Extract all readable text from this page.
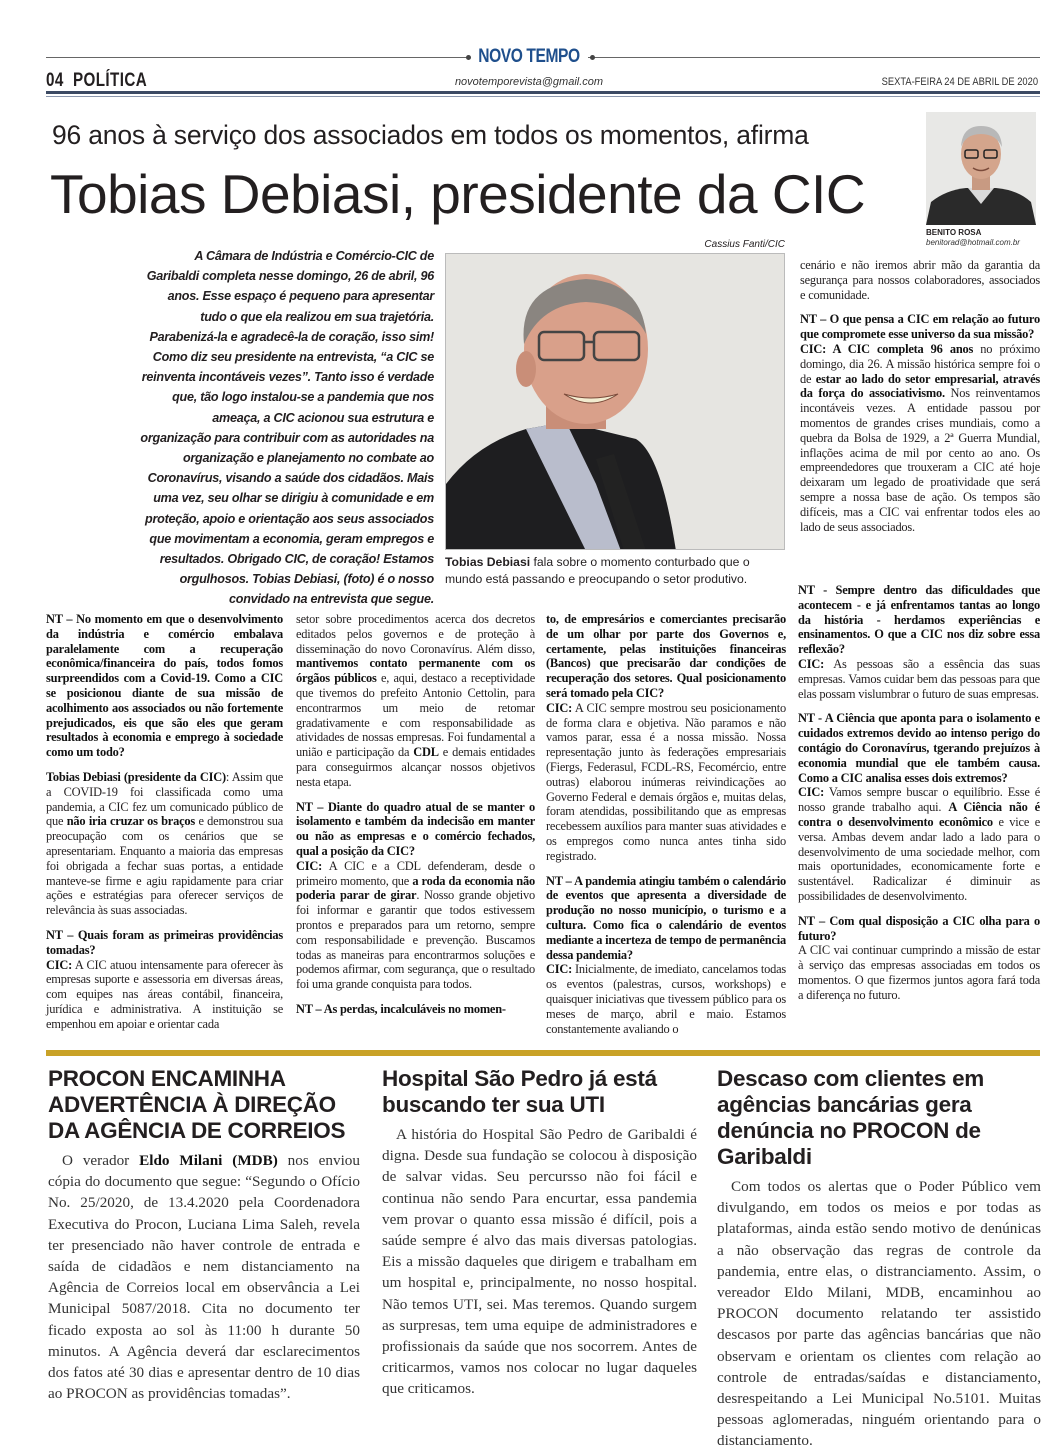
NOVO TEMPO
04 POLÍTICA	novotemporevista@gmail.com	SEXTA-FEIRA 24 DE ABRIL DE 2020
96 anos à serviço dos associados em todos os momentos, afirma
Tobias Debiasi, presidente da CIC
BENITO ROSA
benitorad@hotmail.com.br
A Câmara de Indústria e Comércio-CIC de Garibaldi completa nesse domingo, 26 de abril, 96 anos. Esse espaço é pequeno para apresentar tudo o que ela realizou em sua trajetória. Parabenizá-la e agradecê-la de coração, isso sim! Como diz seu presidente na entrevista, “a CIC se reinventa incontáveis vezes”. Tanto isso é verdade que, tão logo instalou-se a pandemia que nos ameaça, a CIC acionou sua estrutura e organização para contribuir com as autoridades na organização e planejamento no combate ao Coronavírus, visando a saúde dos cidadãos. Mais uma vez, seu olhar se dirigiu à comunidade e em proteção, apoio e orientação aos seus associados que movimentam a economia, geram empregos e resultados. Obrigado CIC, de coração! Estamos orgulhosos. Tobias Debiasi, (foto) é o nosso convidado na entrevista que segue.
Cassius Fanti/CIC
Tobias Debiasi fala sobre o momento conturbado que o mundo está passando e preocupando o setor produtivo.

cenário e não iremos abrir mão da garantia da segurança para nossos colaboradores, associados e comunidade.

NT – O que pensa a CIC em relação ao futuro que compromete esse universo da sua missão?
CIC: A CIC completa 96 anos no próximo domingo, dia 26. A missão histórica sempre foi o de estar ao lado do setor empresarial, através da força do associativismo. Nos reinventamos incontáveis vezes. A entidade passou por momentos de grandes crises mundiais, como a quebra da Bolsa de 1929, a 2ª Guerra Mundial, inflações acima de mil por cento ao ano. Os empreendedores que trouxeram a CIC até hoje deixaram um legado de proatividade que será sempre a nossa base de ação. Os tempos são difíceis, mas a CIC vai enfrentar todos eles ao lado de seus associados.

NT – No momento em que o desenvolvimento da indústria e comércio embalava paralelamente com a recuperação econômica/financeira do país, todos fomos surpreendidos com a Covid-19. Como a CIC se posicionou diante de sua missão de acolhimento aos associados ou não fortemente prejudicados, eis que são eles que geram resultados à economia e emprego à sociedade como um todo?

Tobias Debiasi (presidente da CIC): Assim que a COVID-19 foi classificada como uma pandemia, a CIC fez um comunicado público de que não iria cruzar os braços e demonstrou sua preocupação com os cenários que se apresentariam. Enquanto a maioria das empresas foi obrigada a fechar suas portas, a entidade manteve-se firme e agiu rapidamente para criar ações e estratégias para oferecer serviços de relevância às suas associadas.

NT – Quais foram as primeiras providências tomadas?
CIC: A CIC atuou intensamente para oferecer às empresas suporte e assessoria em diversas áreas, com equipes nas áreas contábil, financeira, jurídica e administrativa. A instituição se empenhou em apoiar e orientar cada

setor sobre procedimentos acerca dos decretos editados pelos governos e de proteção à disseminação do novo Coronavírus. Além disso, mantivemos contato permanente com os órgãos públicos e, aqui, destaco a receptividade que tivemos do prefeito Antonio Cettolin, para encontrarmos um meio de retomar gradativamente e com responsabilidade as atividades de nossas empresas. Foi fundamental a união e participação da CDL e demais entidades para conseguirmos alcançar nossos objetivos nesta etapa.

NT – Diante do quadro atual de se manter o isolamento e também da indecisão em manter ou não as empresas e o comércio fechados, qual a posição da CIC?
CIC: A CIC e a CDL defenderam, desde o primeiro momento, que a roda da economia não poderia parar de girar. Nosso grande objetivo foi informar e garantir que todos estivessem prontos e preparados para um retorno, sempre com responsabilidade e prevenção. Buscamos todas as maneiras para encontrarmos soluções e podemos afirmar, com segurança, que o resultado foi uma grande conquista para todos.

NT – As perdas, incalculáveis no momen-

to, de empresários e comerciantes precisarão de um olhar por parte dos Governos e, certamente, pelas instituições financeiras (Bancos) que precisarão dar condições de recuperação dos setores. Qual posicionamento será tomado pela CIC?
CIC: A CIC sempre mostrou seu posicionamento de forma clara e objetiva. Não paramos e não vamos parar, essa é a nossa missão. Nossa representação junto às federações empresariais (Fiergs, Federasul, FCDL-RS, Fecomércio, entre outras) elaborou inúmeras reivindicações ao Governo Federal e demais órgãos e, muitas delas, foram atendidas, possibilitando que as empresas recebessem auxílios para manter suas atividades e os empregos como nunca antes tinha sido registrado.

NT – A pandemia atingiu também o calendário de eventos que apresenta a diversidade de produção no nosso município, o turismo e a cultura. Como fica o calendário de eventos mediante a incerteza de tempo de permanência dessa pandemia?
CIC: Inicialmente, de imediato, cancelamos todas os eventos (palestras, cursos, workshops) e quaisquer iniciativas que tivessem público para os meses de março, abril e maio. Estamos constantemente avaliando o

NT - Sempre dentro das dificuldades que acontecem - e já enfrentamos tantas ao longo da história - herdamos experiências e ensinamentos. O que a CIC nos diz sobre essa reflexão?
CIC: As pessoas são a essência das suas empresas. Vamos cuidar bem das pessoas para que elas possam vislumbrar o futuro de suas empresas.

NT - A Ciência que aponta para o isolamento e cuidados extremos devido ao intenso perigo do contágio do Coronavírus, tgerando prejuízos à economia mundial que ele também causa. Como a CIC analisa esses dois extremos?
CIC: Vamos sempre buscar o equilíbrio. Esse é nosso grande trabalho aqui. A Ciência não é contra o desenvolvimento econômico e vice e versa. Ambas devem andar lado a lado para o desenvolvimento de uma sociedade melhor, com mais oportunidades, economicamente forte e sustentável. Radicalizar é diminuir as possibilidades de desenvolvimento.

NT – Com qual disposição a CIC olha para o futuro?
A CIC vai continuar cumprindo a missão de estar à serviço das empresas associadas em todos os momentos. O que fizermos juntos agora fará toda a diferença no futuro.

PROCON ENCAMINHA ADVERTÊNCIA À DIREÇÃO DA AGÊNCIA DE CORREIOS

O verador Eldo Milani (MDB) nos enviou cópia do documento que segue: “Segundo o Ofício No. 25/2020, de 13.4.2020 pela Coordenadora Executiva do Procon, Luciana Lima Saleh, revela ter presenciado não haver controle de entrada e saída de cidadãos e nem distanciamento na Agência de Correios local em observância a Lei Municipal 5087/2018. Cita no documento ter ficado exposta ao sol às 11:00 h durante 50 minutos. A Agência deverá dar esclarecimentos dos fatos até 30 dias e apresentar dentro de 10 dias ao PROCON as providências tomadas”.

Hospital São Pedro já está buscando ter sua UTI

A história do Hospital São Pedro de Garibaldi é digna. Desde sua fundação se colocou à disposição de salvar vidas. Seu percursso não foi fácil e continua não sendo Para encurtar, essa pandemia vem provar o quanto essa missão é difícil, pois a saúde sempre é alvo das mais diversas patologias. Eis a missão daqueles que dirigem e trabalham em um hospital e, principalmente, no nosso hospital. Não temos UTI, sei. Mas teremos. Quando surgem as surpresas, tem uma equipe de administradores e profissionais da saúde que nos socorrem. Antes de criticarmos, vamos nos colocar no lugar daqueles que criticamos.

Descaso com clientes em agências bancárias gera denúncia no PROCON de Garibaldi

Com todos os alertas que o Poder Público vem divulgando, em todos os meios e por todas as plataformas, ainda estão sendo motivo de denúnicas a não observação das regras de controle da pandemia, entre elas, o distranciamento. Assim, o vereador Eldo Milani, MDB, encaminhou ao PROCON documento relatando ter assistido descasos por parte das agências bancárias que não observam e orientam os clientes com relação ao controle de entradas/saídas e distanciamento, desrespeitando a Lei Municipal No.5101. Muitas pessoas aglomeradas, ninguém orientando para o distanciamento.
